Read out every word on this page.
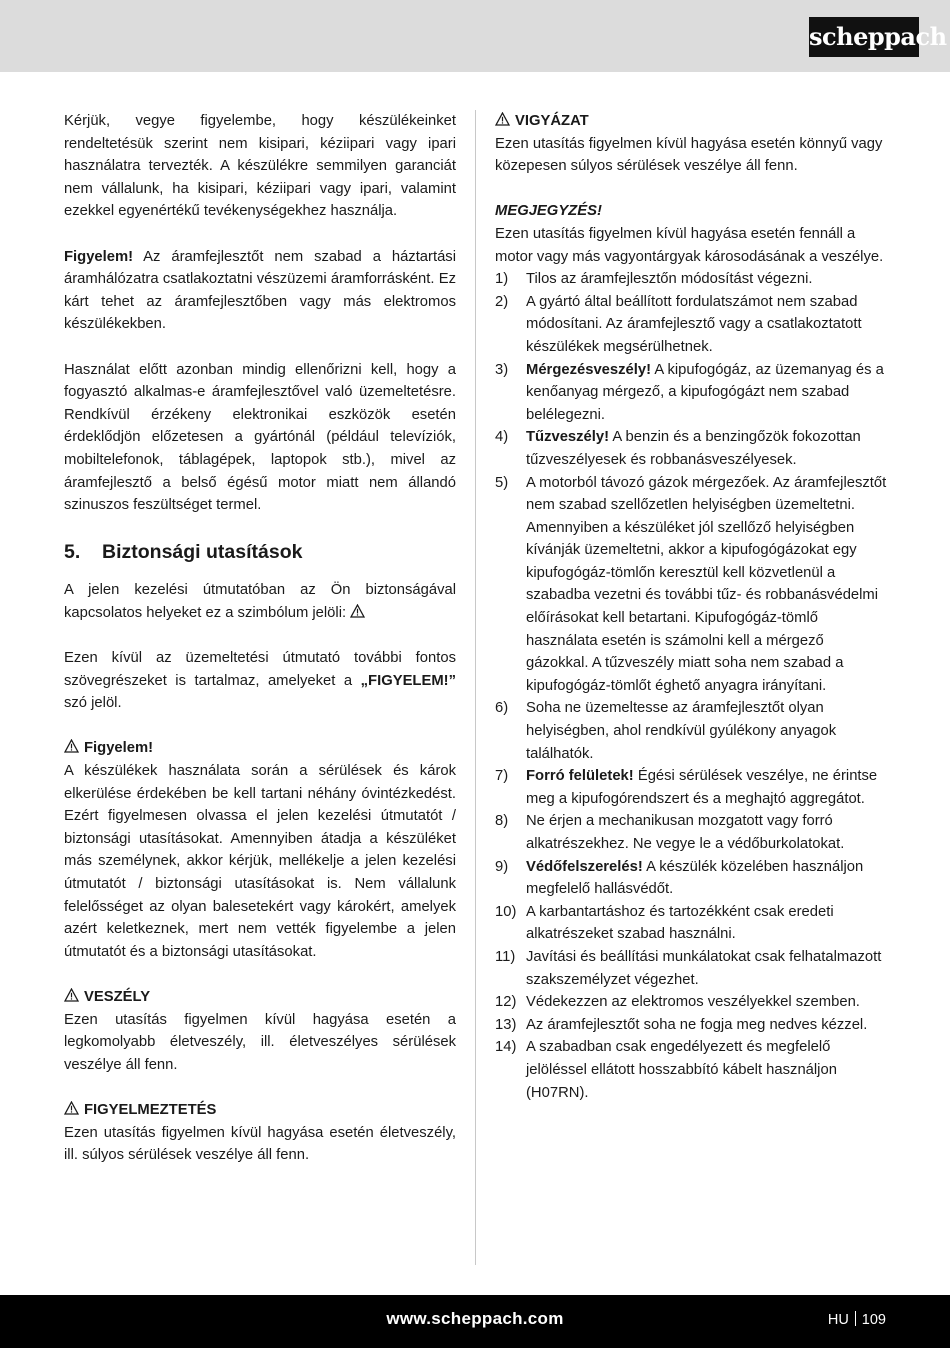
scheppach

Kérjük, vegye figyelembe, hogy készülékeinket rendeltetésük szerint nem kisipari, kéziipari vagy ipari használatra tervezték. A készülékre semmilyen garanciát nem vállalunk, ha kisipari, kéziipari vagy ipari, valamint ezekkel egyenértékű tevékenységekhez használja.

Figyelem! Az áramfejlesztőt nem szabad a háztartási áramhálózatra csatlakoztatni vészüzemi áramforrásként. Ez kárt tehet az áramfejlesztőben vagy más elektromos készülékekben.

Használat előtt azonban mindig ellenőrizni kell, hogy a fogyasztó alkalmas-e áramfejlesztővel való üzemeltetésre. Rendkívül érzékeny elektronikai eszközök esetén érdeklődjön előzetesen a gyártónál (például televíziók, mobiltelefonok, táblagépek, laptopok stb.), mivel az áramfejlesztő a belső égésű motor miatt nem állandó szinuszos feszültséget termel.

5. Biztonsági utasítások

A jelen kezelési útmutatóban az Ön biztonságával kapcsolatos helyeket ez a szimbólum jelöli:

Ezen kívül az üzemeltetési útmutató további fontos szövegrészeket is tartalmaz, amelyeket a „FIGYELEM!” szó jelöl.

Figyelem!

A készülékek használata során a sérülések és károk elkerülése érdekében be kell tartani néhány óvintézkedést. Ezért figyelmesen olvassa el jelen kezelési útmutatót / biztonsági utasításokat. Amennyiben átadja a készüléket más személynek, akkor kérjük, mellékelje a jelen kezelési útmutatót / biztonsági utasításokat is. Nem vállalunk felelősséget az olyan balesetekért vagy károkért, amelyek azért keletkeznek, mert nem vették figyelembe a jelen útmutatót és a biztonsági utasításokat.

VESZÉLY

Ezen utasítás figyelmen kívül hagyása esetén a legkomolyabb életveszély, ill. életveszélyes sérülések veszélye áll fenn.

FIGYELMEZTETÉS

Ezen utasítás figyelmen kívül hagyása esetén életveszély, ill. súlyos sérülések veszélye áll fenn.

VIGYÁZAT

Ezen utasítás figyelmen kívül hagyása esetén könnyű vagy közepesen súlyos sérülések veszélye áll fenn.

MEGJEGYZÉS!

Ezen utasítás figyelmen kívül hagyása esetén fennáll a motor vagy más vagyontárgyak károsodásának a veszélye.

1) Tilos az áramfejlesztőn módosítást végezni.
2) A gyártó által beállított fordulatszámot nem szabad módosítani. Az áramfejlesztő vagy a csatlakoztatott készülékek megsérülhetnek.
3) Mérgezésveszély! A kipufogógáz, az üzemanyag és a kenőanyag mérgező, a kipufogógázt nem szabad belélegezni.
4) Tűzveszély! A benzin és a benzingőzök fokozottan tűzveszélyesek és robbanásveszélyesek.
5) A motorból távozó gázok mérgezőek. Az áramfejlesztőt nem szabad szellőzetlen helyiségben üzemeltetni. Amennyiben a készüléket jól szellőző helyiségben kívánják üzemeltetni, akkor a kipufogógázokat egy kipufogógáz-tömlőn keresztül kell közvetlenül a szabadba vezetni és további tűz- és robbanásvédelmi előírásokat kell betartani. Kipufogógáz-tömlő használata esetén is számolni kell a mérgező gázokkal. A tűzveszély miatt soha nem szabad a kipufogógáz-tömlőt éghető anyagra irányítani.
6) Soha ne üzemeltesse az áramfejlesztőt olyan helyiségben, ahol rendkívül gyúlékony anyagok találhatók.
7) Forró felületek! Égési sérülések veszélye, ne érintse meg a kipufogórendszert és a meghajtó aggregátot.
8) Ne érjen a mechanikusan mozgatott vagy forró alkatrészekhez. Ne vegye le a védőburkolatokat.
9) Védőfelszerelés! A készülék közelében használjon megfelelő hallásvédőt.
10) A karbantartáshoz és tartozékként csak eredeti alkatrészeket szabad használni.
11) Javítási és beállítási munkálatokat csak felhatalmazott szakszemélyzet végezhet.
12) Védekezzen az elektromos veszélyekkel szemben.
13) Az áramfejlesztőt soha ne fogja meg nedves kézzel.
14) A szabadban csak engedélyezett és megfelelő jelöléssel ellátott hosszabbító kábelt használjon (H07RN).
www.scheppach.com	HU 109
